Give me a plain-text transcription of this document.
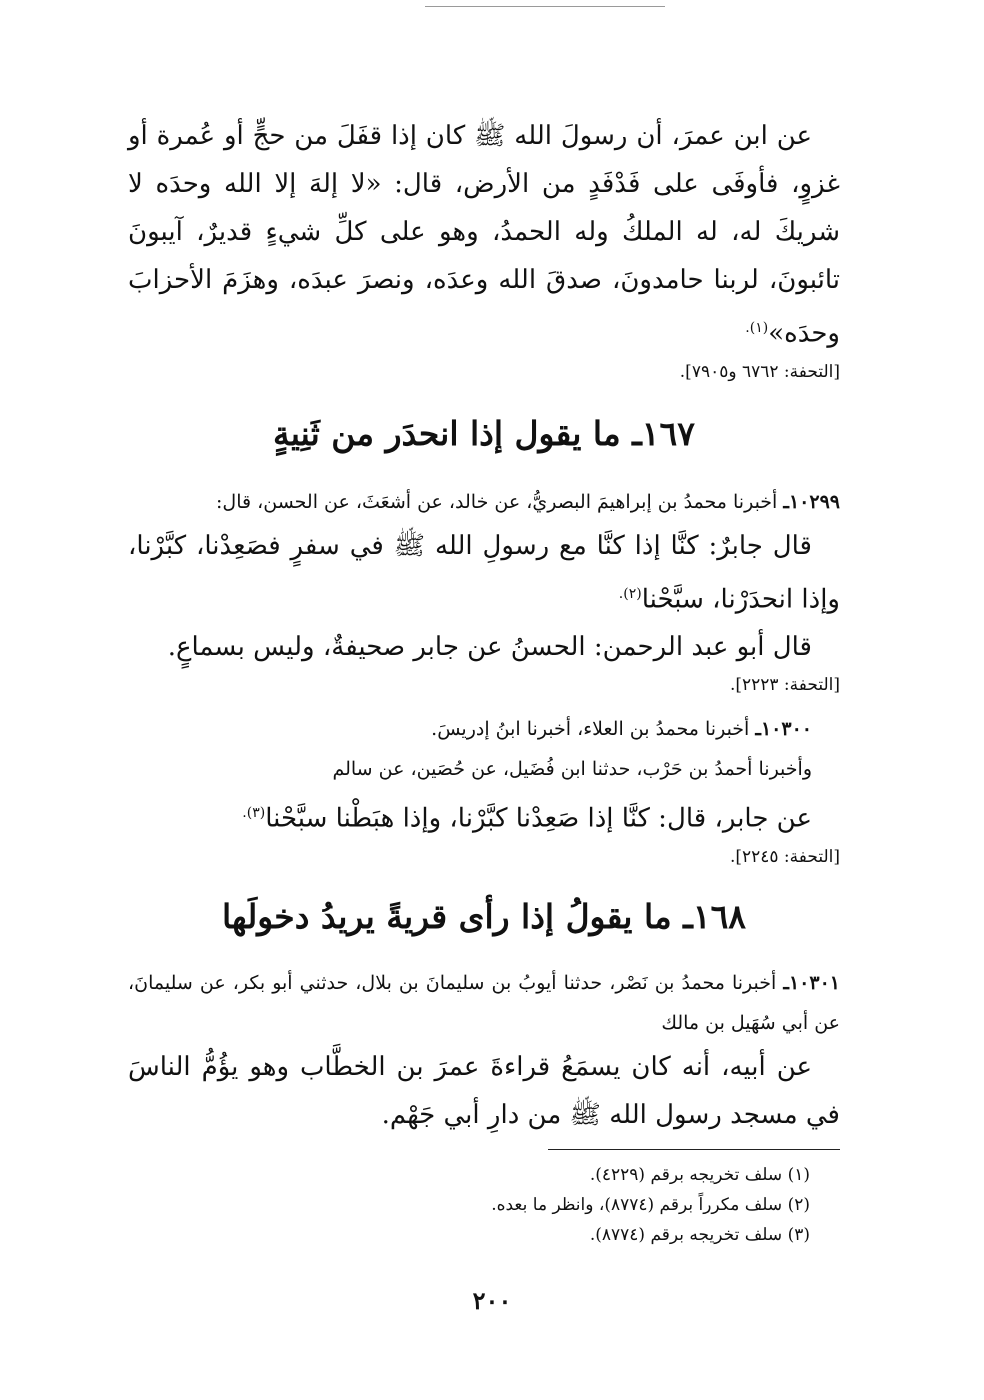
عن ابن عمرَ، أن رسولَ الله ﷺ كان إذا قفَلَ من حجٍّ أو عُمرة أو غزوٍ، فأوفَى على فَدْفَدٍ من الأرض، قال: «لا إلهَ إلا الله وحدَه لا شريكَ له، له الملكُ وله الحمدُ، وهو على كلِّ شيءٍ قديرٌ، آيبونَ تائبونَ، لربنا حامدونَ، صدقَ الله وعدَه، ونصرَ عبدَه، وهزَمَ الأحزابَ وحدَه»$^{(١).}$

[التحفة: ٦٧٦٢ و٧٩٠٥].

١٦٧ـ ما يقول إذا انحدَر من ثَنِيةٍ

١٠٢٩٩ـ أخبرنا محمدُ بن إبراهيمَ البصريُّ، عن خالد، عن أشعَثَ، عن الحسن، قال:

قال جابرٌ: كنَّا إذا كنَّا مع رسولِ الله ﷺ في سفرٍ فصَعِدْنا، كبَّرْنا، وإذا انحدَرْنا، سبَّحْنا$^{(٢).}$

قال أبو عبد الرحمن: الحسنُ عن جابر صحيفةٌ، وليس بسماعٍ.

[التحفة: ٢٢٢٣].

١٠٣٠٠ـ أخبرنا محمدُ بن العلاء، أخبرنا ابنُ إدريسَ.

وأخبرنا أحمدُ بن حَرْب، حدثنا ابن فُضَيل، عن حُصَين، عن سالم

عن جابر، قال: كنَّا إذا صَعِدْنا كبَّرْنا، وإذا هبَطْنا سبَّحْنا$^{(٣).}$

[التحفة: ٢٢٤٥].

١٦٨ـ ما يقولُ إذا رأى قريةً يريدُ دخولَها

١٠٣٠١ـ أخبرنا محمدُ بن نَصْر، حدثنا أيوبُ بن سليمانَ بن بلال، حدثني أبو بكر، عن سليمانَ، عن أبي سُهَيل بن مالك

عن أبيه، أنه كان يسمَعُ قراءةَ عمرَ بن الخطَّاب وهو يؤُمُّ الناسَ في مسجد رسول الله ﷺ من دارِ أبي جَهْم.

(١) سلف تخريجه برقم (٤٢٢٩).

(٢) سلف مكرراً برقم (٨٧٧٤)، وانظر ما بعده.

(٣) سلف تخريجه برقم (٨٧٧٤).

٢٠٠
